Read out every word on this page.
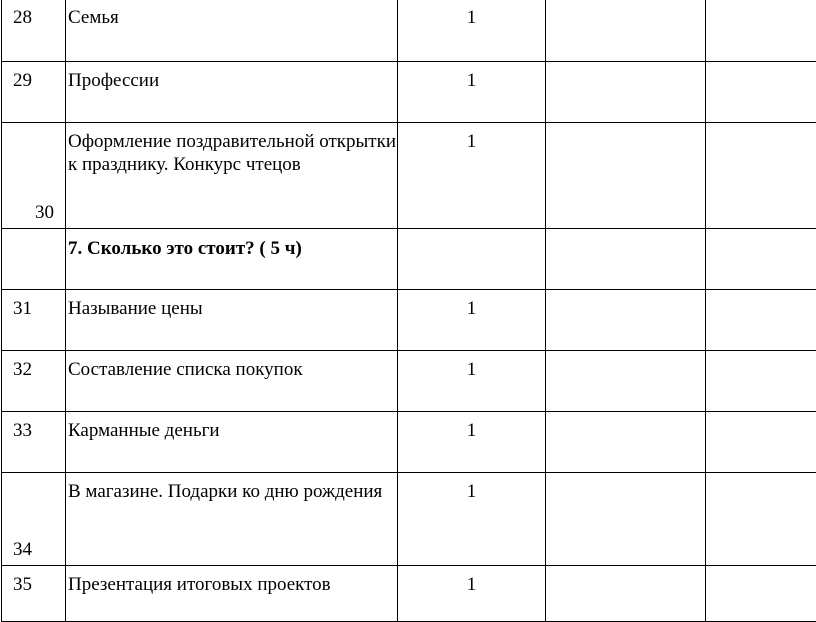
28	Семья	1		
29	Профессии	1		
30	Оформление поздравительной открытки к празднику. Конкурс чтецов	1		
	7. Сколько это стоит? ( 5 ч)			
31	Называние цены	1		
32	Составление списка покупок	1		
33	Карманные деньги	1		
34	В магазине. Подарки ко дню рождения	1		
35	Презентация итоговых проектов	1		
